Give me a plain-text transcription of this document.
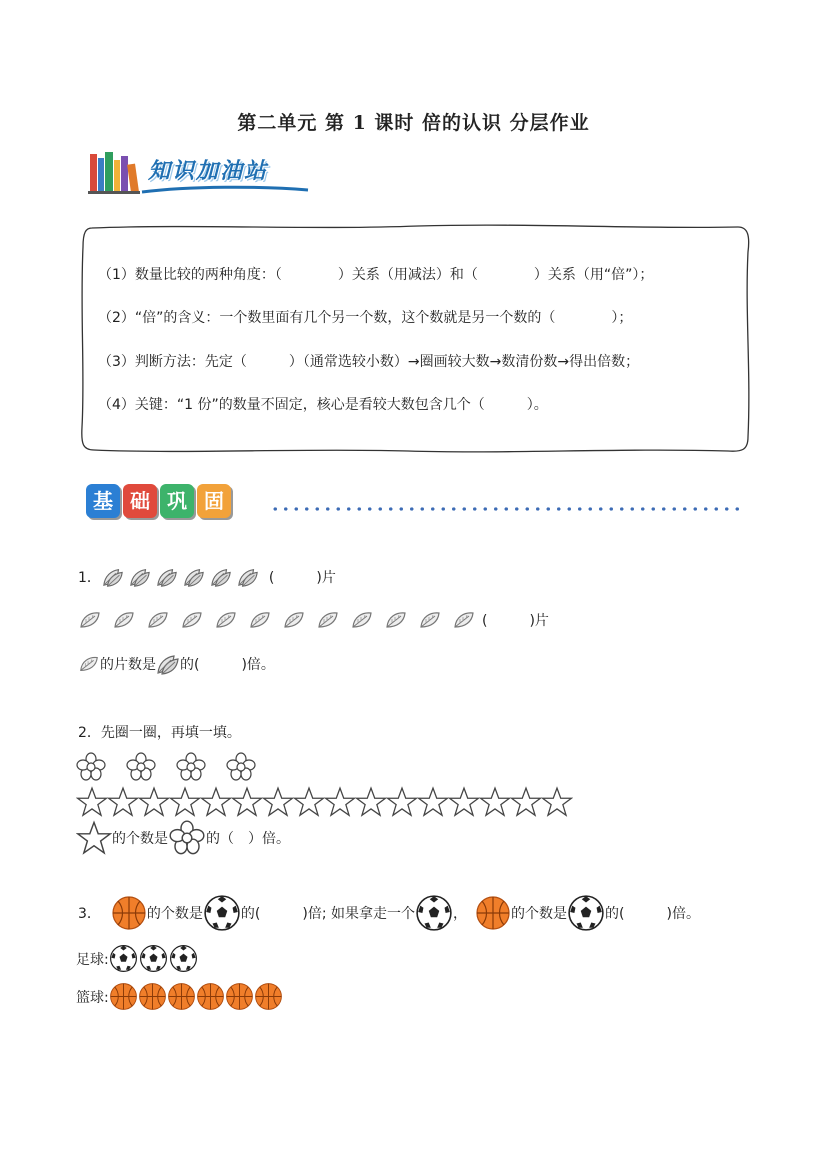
第二单元 第 1 课时 倍的认识 分层作业
知识加油站
（1）数量比较的两种角度：（　　　　）关系（用减法）和（　　　　）关系（用“倍”）；
（2）“倍”的含义：一个数里面有几个另一个数，这个数就是另一个数的（　　　　）；
（3）判断方法：先定（　　　）（通常选较小数）→圈画较大数→数清份数→得出倍数；
（4）关键：“1 份”的数量不固定，核心是看较大数包含几个（　　　）。
基 础 巩 固
1．	(　　　)片
(　　　)片
的片数是 的(　　　)倍。
2． 先圈一圈，再填一填。
的个数是	的（　）倍。
3．	的个数是	的(　　　)倍; 如果拿走一个	，	的个数是	的(　　　)倍。
足球:
篮球:
